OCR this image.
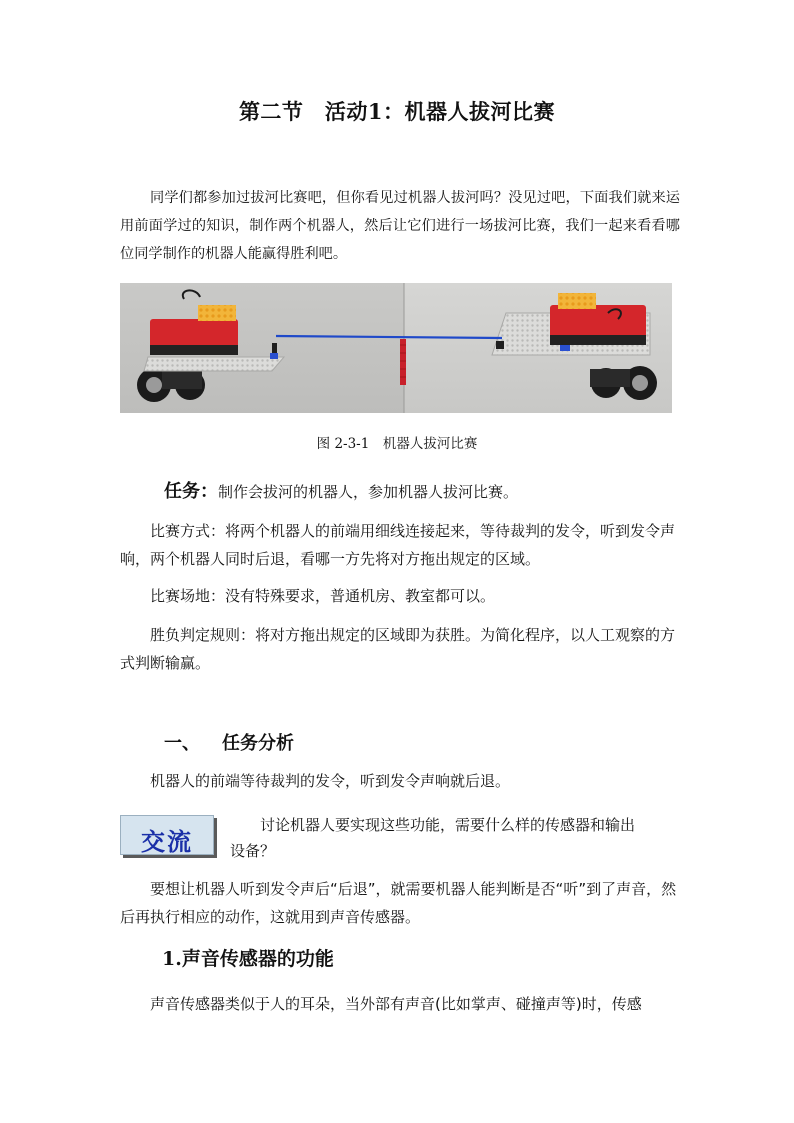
第二节　活动1：机器人拔河比赛

同学们都参加过拔河比赛吧，但你看见过机器人拔河吗？没见过吧，下面我们就来运用前面学过的知识，制作两个机器人，然后让它们进行一场拔河比赛，我们一起来看看哪位同学制作的机器人能赢得胜利吧。

图 2-3-1　机器人拔河比赛
任务：制作会拔河的机器人，参加机器人拔河比赛。

比赛方式：将两个机器人的前端用细线连接起来，等待裁判的发令，听到发令声响，两个机器人同时后退，看哪一方先将对方拖出规定的区域。

比赛场地：没有特殊要求，普通机房、教室都可以。

胜负判定规则：将对方拖出规定的区域即为获胜。为简化程序，以人工观察的方式判断输赢。

一、 任务分析

机器人的前端等待裁判的发令，听到发令声响就后退。

交流
讨论机器人要实现这些功能，需要什么样的传感器和输出
设备？

要想让机器人听到发令声后“后退”，就需要机器人能判断是否“听”到了声音，然后再执行相应的动作，这就用到声音传感器。

1.声音传感器的功能

声音传感器类似于人的耳朵，当外部有声音(比如掌声、碰撞声等)时，传感
